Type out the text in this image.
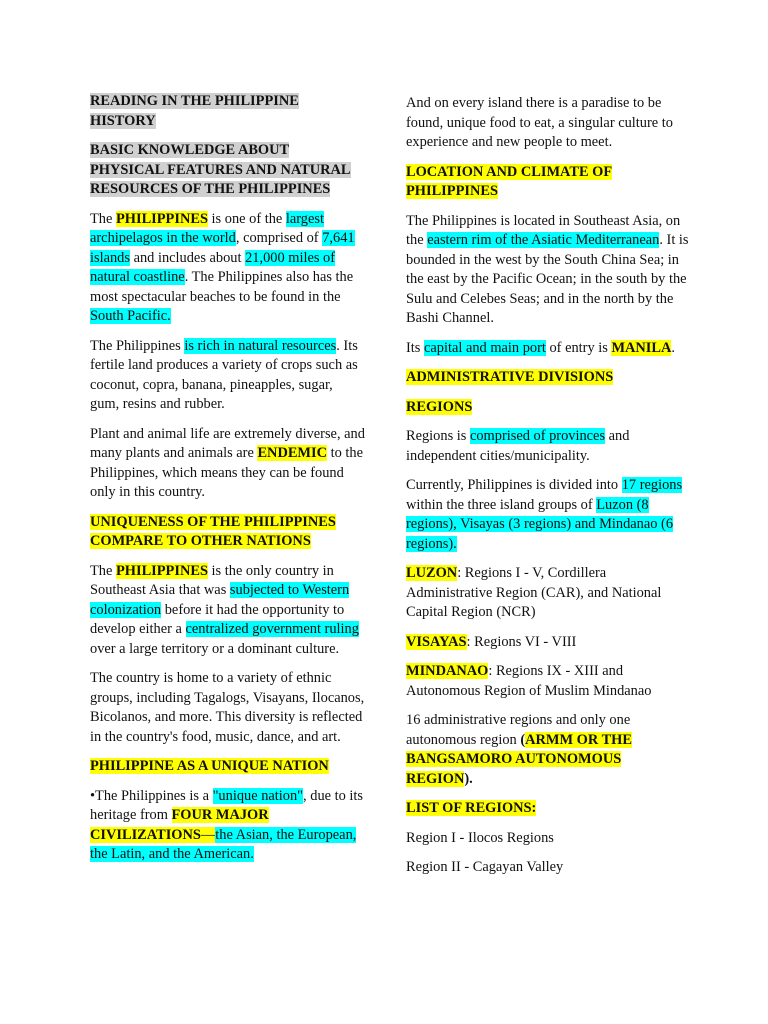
READING IN THE PHILIPPINE HISTORY
BASIC KNOWLEDGE ABOUT PHYSICAL FEATURES AND NATURAL RESOURCES OF THE PHILIPPINES

The PHILIPPINES is one of the largest archipelagos in the world, comprised of 7,641 islands and includes about 21,000 miles of natural coastline. The Philippines also has the most spectacular beaches to be found in the South Pacific.

The Philippines is rich in natural resources. Its fertile land produces a variety of crops such as coconut, copra, banana, pineapples, sugar, gum, resins and rubber.

Plant and animal life are extremely diverse, and many plants and animals are ENDEMIC to the Philippines, which means they can be found only in this country.

UNIQUENESS OF THE PHILIPPINES COMPARE TO OTHER NATIONS

The PHILIPPINES is the only country in Southeast Asia that was subjected to Western colonization before it had the opportunity to develop either a centralized government ruling over a large territory or a dominant culture.

The country is home to a variety of ethnic groups, including Tagalogs, Visayans, Ilocanos, Bicolanos, and more. This diversity is reflected in the country's food, music, dance, and art.

PHILIPPINE AS A UNIQUE NATION

•The Philippines is a "unique nation", due to its heritage from FOUR MAJOR CIVILIZATIONS—the Asian, the European, the Latin, and the American.

And on every island there is a paradise to be found, unique food to eat, a singular culture to experience and new people to meet.

LOCATION AND CLIMATE OF PHILIPPINES

The Philippines is located in Southeast Asia, on the eastern rim of the Asiatic Mediterranean. It is bounded in the west by the South China Sea; in the east by the Pacific Ocean; in the south by the Sulu and Celebes Seas; and in the north by the Bashi Channel.

Its capital and main port of entry is MANILA.

ADMINISTRATIVE DIVISIONS
REGIONS

Regions is comprised of provinces and independent cities/municipality.

Currently, Philippines is divided into 17 regions within the three island groups of Luzon (8 regions), Visayas (3 regions) and Mindanao (6 regions).

LUZON: Regions I - V, Cordillera Administrative Region (CAR), and National Capital Region (NCR)

VISAYAS: Regions VI - VIII

MINDANAO: Regions IX - XIII and Autonomous Region of Muslim Mindanao

16 administrative regions and only one autonomous region (ARMM OR THE BANGSAMORO AUTONOMOUS REGION).

LIST OF REGIONS:

Region I - Ilocos Regions

Region II - Cagayan Valley
